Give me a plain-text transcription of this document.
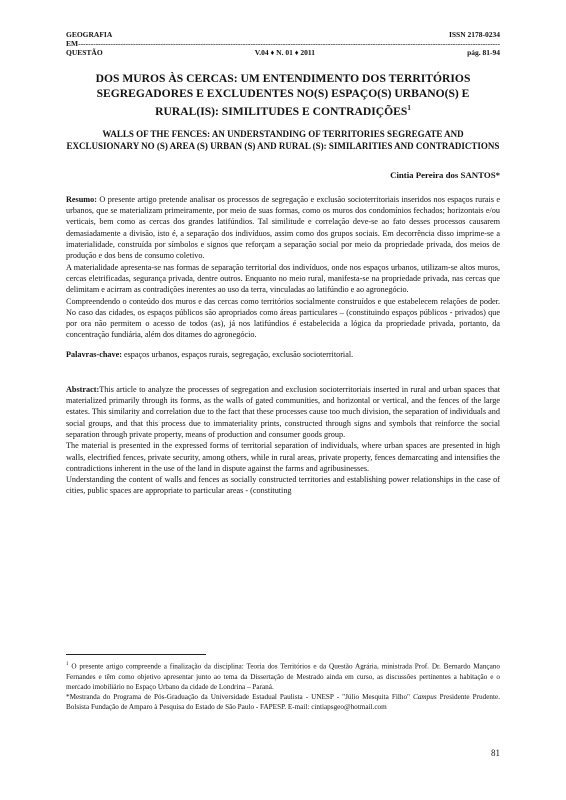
GEOGRAFIA	ISSN 2178-0234
EM-------------------------------------------------------------------------------------------------------------------------------------------------------------------------
QUESTÃO	V.04 ♦ N. 01 ♦ 2011	pág. 81-94
DOS MUROS ÀS CERCAS: UM ENTENDIMENTO DOS TERRITÓRIOS SEGREGADORES E EXCLUDENTES NO(S) ESPAÇO(S) URBANO(S) E RURAL(IS): SIMILITUDES E CONTRADIÇÕES$^1$
WALLS OF THE FENCES: AN UNDERSTANDING OF TERRITORIES SEGREGATE AND EXCLUSIONARY NO (S) AREA (S) URBAN (S) AND RURAL (S): SIMILARITIES AND CONTRADICTIONS
Cintia Pereira dos SANTOS*

Resumo: O presente artigo pretende analisar os processos de segregação e exclusão socioterritoriais inseridos nos espaços rurais e urbanos, que se materializam primeiramente, por meio de suas formas, como os muros dos condomínios fechados; horizontais e/ou verticais, bem como as cercas dos grandes latifúndios. Tal similitude e correlação deve-se ao fato desses processos causarem demasiadamente a divisão, isto é, a separação dos indivíduos, assim como dos grupos sociais. Em decorrência disso imprime-se a imaterialidade, construída por símbolos e signos que reforçam a separação social por meio da propriedade privada, dos meios de produção e dos bens de consumo coletivo.

A materialidade apresenta-se nas formas de separação territorial dos indivíduos, onde nos espaços urbanos, utilizam-se altos muros, cercas eletrificadas, segurança privada, dentre outros. Enquanto no meio rural, manifesta-se na propriedade privada, nas cercas que delimitam e acirram as contradições inerentes ao uso da terra, vinculadas ao latifúndio e ao agronegócio.

Compreendendo o conteúdo dos muros e das cercas como territórios socialmente construídos e que estabelecem relações de poder. No caso das cidades, os espaços públicos são apropriados como áreas particulares – (constituindo espaços públicos - privados) que por ora não permitem o acesso de todos (as), já nos latifúndios é estabelecida a lógica da propriedade privada, portanto, da concentração fundiária, além dos ditames do agronegócio.

Palavras-chave: espaços urbanos, espaços rurais, segregação, exclusão socioterritorial.

Abstract:This article to analyze the processes of segregation and exclusion socioterritoriais inserted in rural and urban spaces that materialized primarily through its forms, as the walls of gated communities, and horizontal or vertical, and the fences of the large estates. This similarity and correlation due to the fact that these processes cause too much division, the separation of individuals and social groups, and that this process due to immateriality prints, constructed through signs and symbols that reinforce the social separation through private property, means of production and consumer goods group.

The material is presented in the expressed forms of territorial separation of individuals, where urban spaces are presented in high walls, electrified fences, private security, among others, while in rural areas, private property, fences demarcating and intensifies the contradictions inherent in the use of the land in dispute against the farms and agribusinesses.

Understanding the content of walls and fences as socially constructed territories and establishing power relationships in the case of cities, public spaces are appropriate to particular areas - (constituting

$^1$ O presente artigo compreende a finalização da disciplina: Teoria dos Territórios e da Questão Agrária, ministrada Prof. Dr. Bernardo Mançano Fernandes e têm como objetivo apresentar junto ao tema da Dissertação de Mestrado ainda em curso, as discussões pertinentes a habitação e o mercado imobiliário no Espaço Urbano da cidade de Londrina – Paraná.
*Mestranda do Programa de Pós-Graduação da Universidade Estadual Paulista - UNESP - "Júlio Mesquita Filho" Campus Presidente Prudente. Bolsista Fundação de Amparo à Pesquisa do Estado de São Paulo - FAPESP. E-mail: cintiapsgeo@hotmail.com
81
